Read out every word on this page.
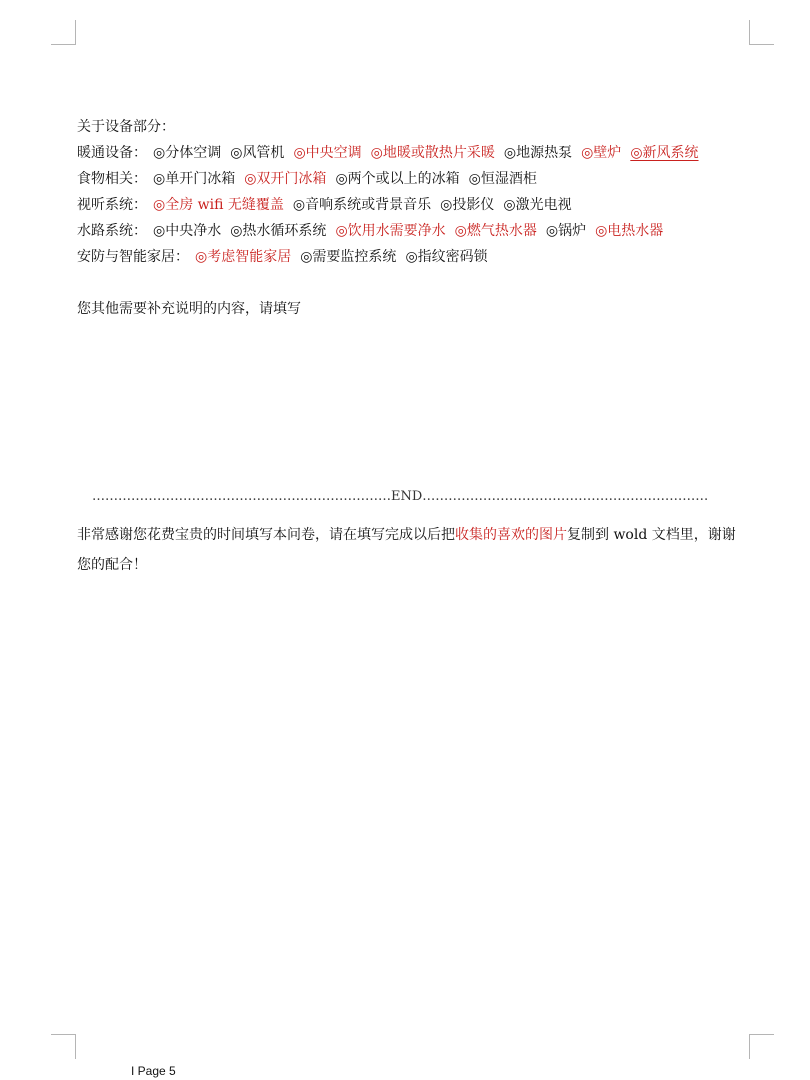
关于设备部分：
暖通设备： ◎分体空调 ◎风管机 ◎中央空调 ◎地暖或散热片采暖 ◎地源热泵 ◎壁炉 ◎新风系统
食物相关： ◎单开门冰箱 ◎双开门冰箱 ◎两个或以上的冰箱 ◎恒湿酒柜
视听系统： ◎全房 wifi 无缝覆盖 ◎音响系统或背景音乐 ◎投影仪 ◎激光电视
水路系统： ◎中央净水 ◎热水循环系统 ◎饮用水需要净水 ◎燃气热水器 ◎锅炉 ◎电热水器
安防与智能家居： ◎考虑智能家居 ◎需要监控系统 ◎指纹密码锁
您其他需要补充说明的内容，请填写
……………………………………………………………END…………………………………………………………
非常感谢您花费宝贵的时间填写本问卷，请在填写完成以后把收集的喜欢的图片复制到 wold 文档里，谢谢您的配合！
I Page 5
